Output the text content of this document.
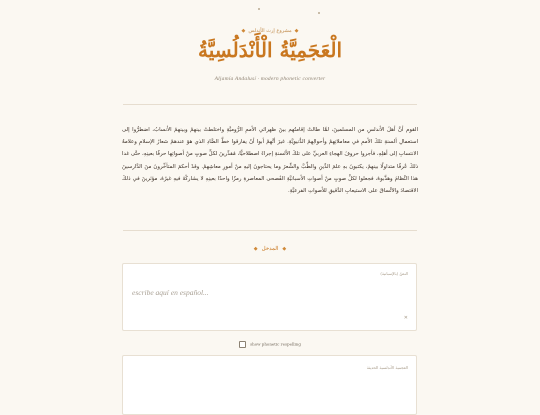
◆ مشروع إرث الأندلس ◆
الْعَجَمِيَّةُ الْأَنْدَلُسِيَّةُ
Aljamía Andalusí · modern phonetic converter
القوم أنَّ أهلَ الأندلسِ من المسلمينَ، لمَّا طالتْ إقامتُهم بينَ ظهرانَي الأممِ الرُّوميَّةِ واختلطتْ بينهمْ وبينهمُ الأنسابُ، اضطرُّوا إلى استعمالِ ألسنةِ تلكَ الأممِ في معاملاتِهمْ وأحوالِهمُ الدُّنيويَّةِ. غيرَ أنَّهمْ أبوا أنْ يفارقوا خطَّ الضَّادِ الذي هوَ عندهمْ شعارُ الإسلامِ وعلامةُ الانتسابِ إلى أهلِهِ، فأجروا حروفَ الهجاءِ العربيِّ على تلكَ الألسنةِ إجراءَ اصطلاحيًّا، مُقدِّرينَ لكلِّ صوتٍ منْ أصواتِها حرفًا بعينِهِ، حتَّى غدا ذلكَ عُرفًا متداولًا بينهمْ، يكتبونَ بهِ علمَ الدِّينِ والطِّبَّ والشِّعرَ وما يحتاجونَ إليهِ منْ أمورِ معاشِهمْ. وقدْ أحكمَ المتأخِّرونَ منَ الدَّارسينَ هذا النِّظامَ وهذَّبوهُ، فجعلوا لكلِّ صوتٍ منْ أصواتِ الأسبانيَّةِ الفُصحى المعاصرةِ رمزًا واحدًا بعينِهِ لا يشاركُهُ فيهِ غيرُهُ، مؤثرينَ في ذلكَ الاقتصادَ والاتِّساقَ على الاستيعابِ الدَّقيقِ للأصواتِ الفرعيَّةِ.
◆ المدخل ◆
النصّ (بالإسبانية)
escribe aquí en español...
✕
show phonetic respelling
العجمية الأندلسية الحديثة
